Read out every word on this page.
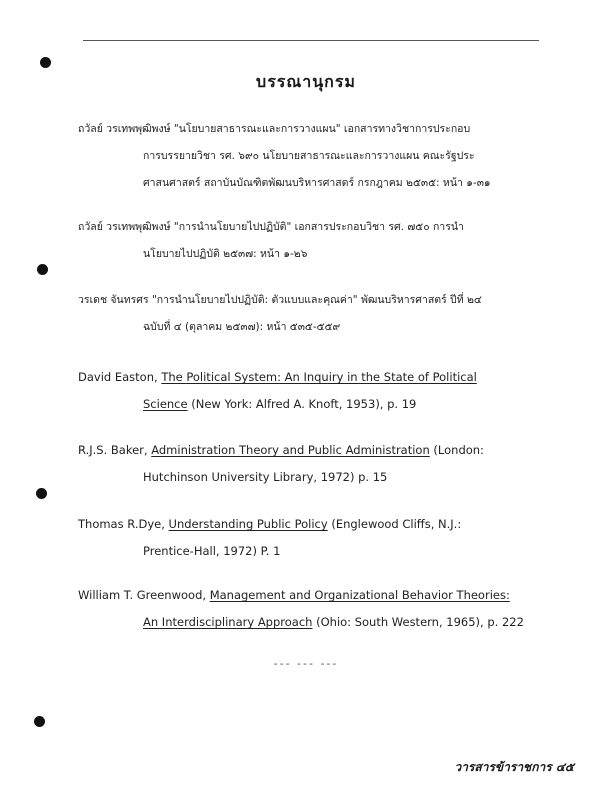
บรรณานุกรม
ถวัลย์ วรเทพพุฒิพงษ์ "นโยบายสาธารณะและการวางแผน" เอกสารทางวิชาการประกอบ
การบรรยายวิชา รศ. ๖๙๐ นโยบายสาธารณะและการวางแผน คณะรัฐประ
ศาสนศาสตร์ สถาบันบัณฑิตพัฒนบริหารศาสตร์ กรกฎาคม ๒๕๓๕: หน้า ๑-๓๑
ถวัลย์ วรเทพพุฒิพงษ์ "การนำนโยบายไปปฏิบัติ" เอกสารประกอบวิชา รศ. ๗๕๐ การนำ
นโยบายไปปฏิบัติ ๒๕๓๗: หน้า ๑-๒๖
วรเดช จันทรศร "การนำนโยบายไปปฏิบัติ: ตัวแบบและคุณค่า" พัฒนบริหารศาสตร์ ปีที่ ๒๔
ฉบับที่ ๔ (ตุลาคม ๒๕๓๗): หน้า ๕๓๕-๕๕๙
David Easton, The Political System: An Inquiry in the State of Political
Science (New York: Alfred A. Knoft, 1953), p. 19
R.J.S. Baker, Administration Theory and Public Administration (London:
Hutchinson University Library, 1972) p. 15
Thomas R.Dye, Understanding Public Policy (Englewood Cliffs, N.J.:
Prentice-Hall, 1972) P. 1
William T. Greenwood, Management and Organizational Behavior Theories:
An Interdisciplinary Approach (Ohio: South Western, 1965), p. 222
--- --- ---
วารสารข้าราชการ ๔๕
